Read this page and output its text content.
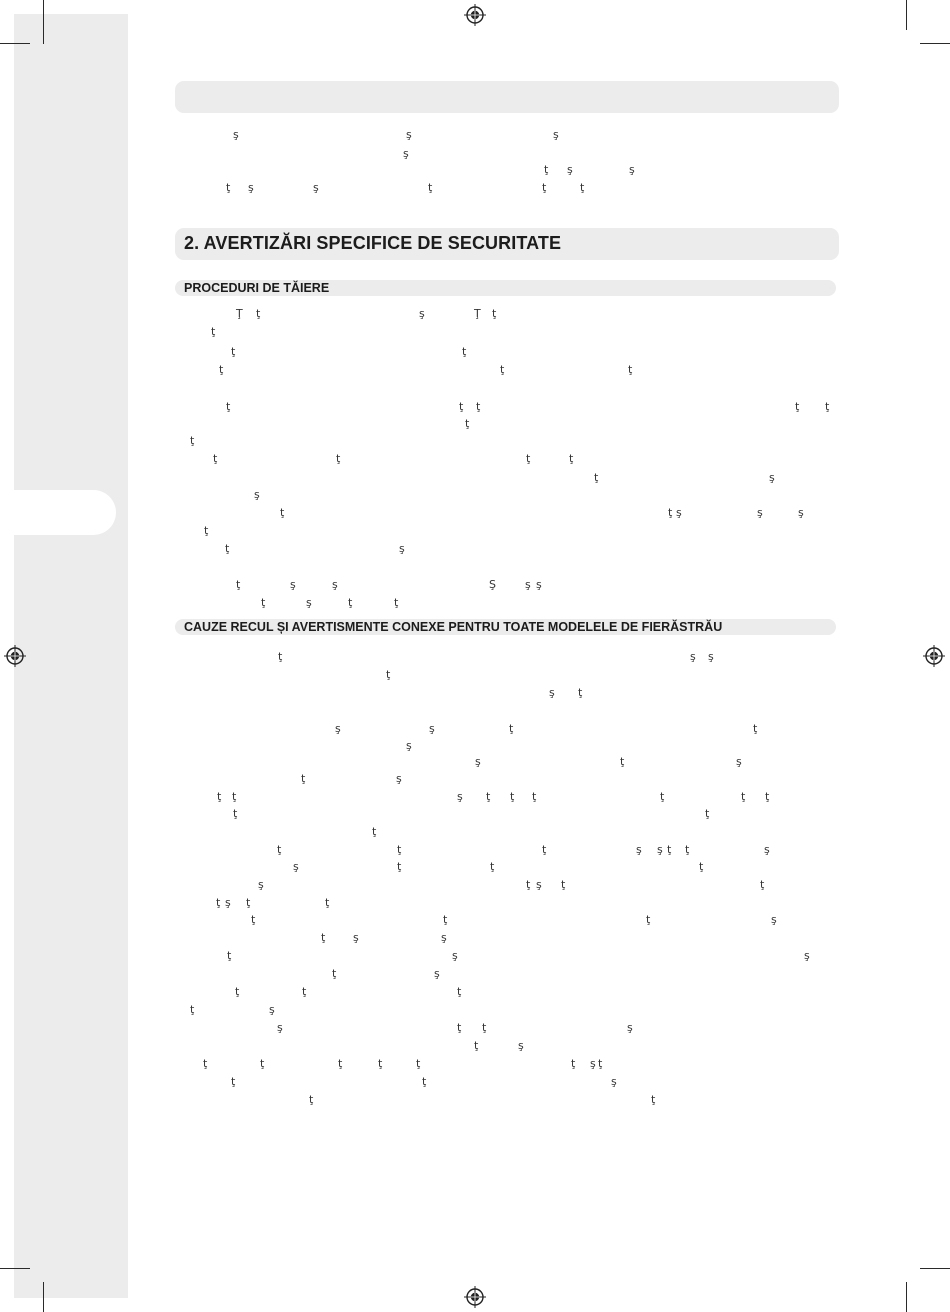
2. AVERTIZĂRI SPECIFICE DE SECURITATE
PROCEDURI DE TĂIERE
CAUZE RECUL ȘI AVERTISMENTE CONEXE PENTRU TOATE MODELELE DE FIERĂSTRĂU
ş	ş	ş
ş
ţ ş	ş
ţ ş	ş	ţ	ţ	ţ
Ţ ţ	ş	Ţ ţ
ţ
ţ	ţ
ţ	ţ	ţ
ţ	ţ ţ	ţ ţ
ţ
ţ
ţ	ţ	ţ	ţ
ţ	ş
ş
ţ	ţ ş	ş	ş
ţ
ţ	ş
ţ	ş	ş	Ş	ş ş
ţ	ş	ţ	ţ
ţ	ş ş
ţ
ş ţ
ş	ş	ţ	ţ
ş
ş	ţ	ş
ţ	ş
ţ ţ	ş ţ ţ ţ	ţ	ţ ţ
ţ	ţ
ţ
ţ	ţ	ţ	ş ş ţ ţ	ş
ş	ţ	ţ	ţ
ş	ţ ş ţ	ţ
ţ ş ţ	ţ
ţ	ţ	ţ	ş
ţ	ş	ş
ţ	ş	ş
ţ	ş
ţ	ţ	ţ
ţ	ş
ş	ţ ţ	ş
ţ	ş
ţ	ţ	ţ	ţ	ţ	ţ ş ţ
ţ	ţ	ş
ţ	ţ
